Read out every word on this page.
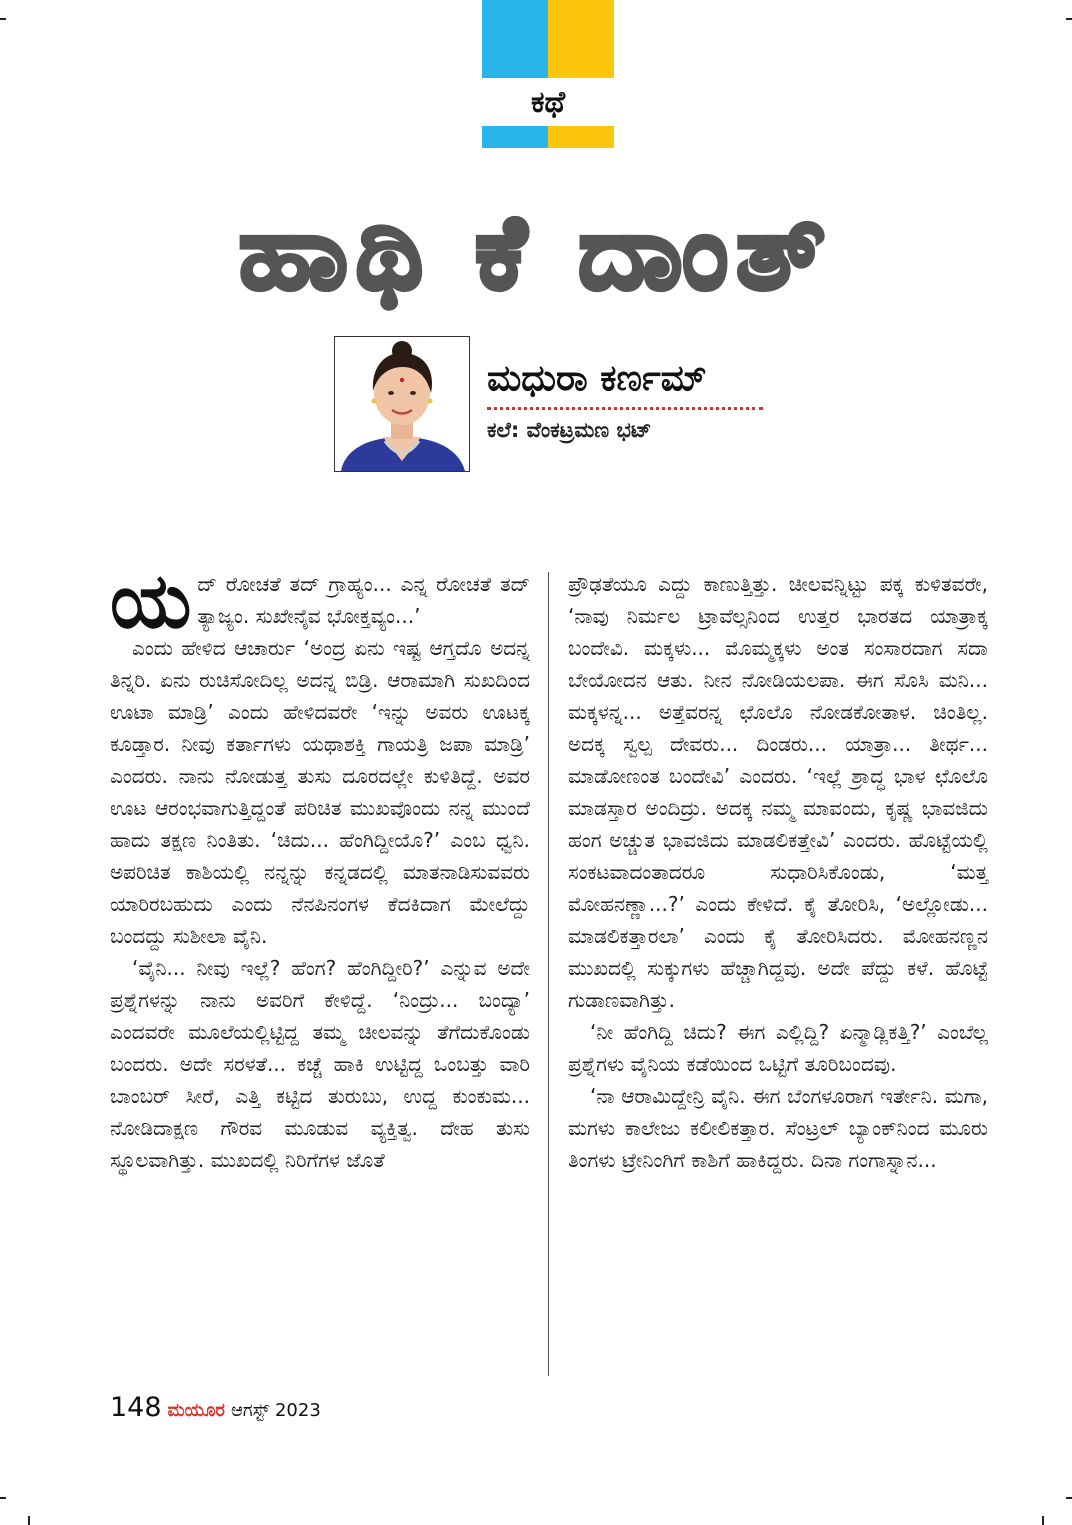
ಕಥೆ
ಹಾಥಿ ಕೆ ದಾಂತ್
ಮಧುರಾ ಕರ್ಣಮ್
ಕಲೆ: ವೆಂಕಟ್ರಮಣ ಭಟ್

ಯ ದ್ ರೋಚತೆ ತದ್ ಗ್ರಾಹ್ಯಂ... ಎನ್ನ ರೋಚತೆ ತದ್ ತ್ಯಾಜ್ಯಂ. ಸುಖೇನೈವ ಭೋಕ್ತವ್ಯಂ...’

ಎಂದು ಹೇಳಿದ ಆಚಾರ್ರು ‘ಅಂದ್ರ ಏನು ಇಷ್ಟ ಆಗ್ತದೊ ಅದನ್ನ ತಿನ್ನರಿ. ಏನು ರುಚಿಸೋದಿಲ್ಲ ಅದನ್ನ ಬಿಡ್ರಿ. ಆರಾಮಾಗಿ ಸುಖದಿಂದ ಊಟಾ ಮಾಡ್ರಿ’ ಎಂದು ಹೇಳಿದವರೇ ‘ಇನ್ನು ಅವರು ಊಟಕ್ಕ ಕೂಡ್ತಾರ. ನೀವು ಕರ್ತಾಗಳು ಯಥಾಶಕ್ತಿ ಗಾಯತ್ರಿ ಜಪಾ ಮಾಡ್ರಿ’ ಎಂದರು. ನಾನು ನೋಡುತ್ತ ತುಸು ದೂರದಲ್ಲೇ ಕುಳಿತಿದ್ದೆ. ಅವರ ಊಟ ಆರಂಭವಾಗುತ್ತಿದ್ದಂತೆ ಪರಿಚಿತ ಮುಖವೊಂದು ನನ್ನ ಮುಂದೆ ಹಾದು ತಕ್ಷಣ ನಿಂತಿತು. ‘ಚಿದು... ಹೆಂಗಿದ್ದೀಯೊ?’ ಎಂಬ ಧ್ವನಿ. ಅಪರಿಚಿತ ಕಾಶಿಯಲ್ಲಿ ನನ್ನನ್ನು ಕನ್ನಡದಲ್ಲಿ ಮಾತನಾಡಿಸುವವರು ಯಾರಿರಬಹುದು ಎಂದು ನೆನಪಿನಂಗಳ ಕೆದಕಿದಾಗ ಮೇಲೆದ್ದು ಬಂದದ್ದು ಸುಶೀಲಾ ವೈನಿ.

‘ವೈನಿ... ನೀವು ಇಲ್ಲೆ? ಹೆಂಗ? ಹೆಂಗಿದ್ದೀರಿ?’ ಎನ್ನುವ ಅದೇ ಪ್ರಶ್ನೆಗಳನ್ನು ನಾನು ಅವರಿಗೆ ಕೇಳಿದ್ದೆ. ‘ನಿಂದ್ರು... ಬಂದ್ಯಾ’ ಎಂದವರೇ ಮೂಲೆಯಲ್ಲಿಟ್ಟಿದ್ದ ತಮ್ಮ ಚೀಲವನ್ನು ತೆಗೆದುಕೊಂಡು ಬಂದರು. ಅದೇ ಸರಳತೆ... ಕಚ್ಚೆ ಹಾಕಿ ಉಟ್ಟಿದ್ದ ಒಂಬತ್ತು ವಾರಿ ಬಾಂಬರ್ ಸೀರೆ, ಎತ್ತಿ ಕಟ್ಟಿದ ತುರುಬು, ಉದ್ದ ಕುಂಕುಮ... ನೋಡಿದಾಕ್ಷಣ ಗೌರವ ಮೂಡುವ ವ್ಯಕ್ತಿತ್ವ. ದೇಹ ತುಸು ಸ್ಥೂಲವಾಗಿತ್ತು. ಮುಖದಲ್ಲಿ ನಿರಿಗೆಗಳ ಜೊತೆ

ಪ್ರೌಢತೆಯೂ ಎದ್ದು ಕಾಣುತ್ತಿತ್ತು. ಚೀಲವನ್ನಿಟ್ಟು ಪಕ್ಕ ಕುಳಿತವರೇ, ‘ನಾವು ನಿರ್ಮಲ ಟ್ರಾವೆಲ್ಸನಿಂದ ಉತ್ತರ ಭಾರತದ ಯಾತ್ರಾಕ್ಕ ಬಂದೇವಿ. ಮಕ್ಕಳು... ಮೊಮ್ಮಕ್ಕಳು ಅಂತ ಸಂಸಾರದಾಗ ಸದಾ ಬೇಯೋದನ ಆತು. ನೀನ ನೋಡಿಯಲಪಾ. ಈಗ ಸೊಸಿ ಮನಿ... ಮಕ್ಕಳನ್ನ... ಅತ್ತೆವರನ್ನ ಛೊಲೊ ನೋಡಕೋತಾಳ. ಚಿಂತಿಲ್ಲ. ಅದಕ್ಕ ಸ್ವಲ್ಪ ದೇವರು... ದಿಂಡರು... ಯಾತ್ರಾ... ತೀರ್ಥ... ಮಾಡೋಣಂತ ಬಂದೇವಿ’ ಎಂದರು. ‘ಇಲ್ಲೆ ಶ್ರಾದ್ಧ ಭಾಳ ಛೊಲೊ ಮಾಡಸ್ತಾರ ಅಂದಿದ್ರು. ಅದಕ್ಕ ನಮ್ಮ ಮಾವಂದು, ಕೃಷ್ಣ ಭಾವಜಿದು ಹಂಗ ಅಚ್ಚುತ ಭಾವಜಿದು ಮಾಡಲಿಕತ್ತೇವಿ’ ಎಂದರು. ಹೊಟ್ಟೆಯಲ್ಲಿ ಸಂಕಟವಾದಂತಾದರೂ ಸುಧಾರಿಸಿಕೊಂಡು, ‘ಮತ್ತ ಮೋಹನಣ್ಣಾ...?’ ಎಂದು ಕೇಳಿದೆ. ಕೈ ತೋರಿಸಿ, ‘ಅಲ್ಲೋಡು... ಮಾಡಲಿಕತ್ತಾರಲಾ’ ಎಂದು ಕೈ ತೋರಿಸಿದರು. ಮೋಹನಣ್ಣನ ಮುಖದಲ್ಲಿ ಸುಕ್ಕುಗಳು ಹೆಚ್ಚಾಗಿದ್ದವು. ಅದೇ ಪೆದ್ದು ಕಳೆ. ಹೊಟ್ಟೆ ಗುಡಾಣವಾಗಿತ್ತು.

‘ನೀ ಹೆಂಗಿದ್ದಿ ಚಿದು? ಈಗ ಎಲ್ಲಿದ್ದಿ? ಏನ್ಮಾಡ್ಲಿಕತ್ತಿ?’ ಎಂಬೆಲ್ಲ ಪ್ರಶ್ನೆಗಳು ವೈನಿಯ ಕಡೆಯಿಂದ ಒಟ್ಟಿಗೆ ತೂರಿಬಂದವು.

‘ನಾ ಆರಾಮಿದ್ದೇನ್ರಿ ವೈನಿ. ಈಗ ಬೆಂಗಳೂರಾಗ ಇರ್ತೇನಿ. ಮಗಾ, ಮಗಳು ಕಾಲೇಜು ಕಲೀಲಿಕತ್ತಾರ. ಸೆಂಟ್ರಲ್ ಬ್ಯಾಂಕ್‌ನಿಂದ ಮೂರು ತಿಂಗಳು ಟ್ರೇನಿಂಗಿಗೆ ಕಾಶಿಗೆ ಹಾಕಿದ್ದರು. ದಿನಾ ಗಂಗಾಸ್ನಾನ...

148 ಮಯೂರ ಆಗಸ್ಟ್ 2023
